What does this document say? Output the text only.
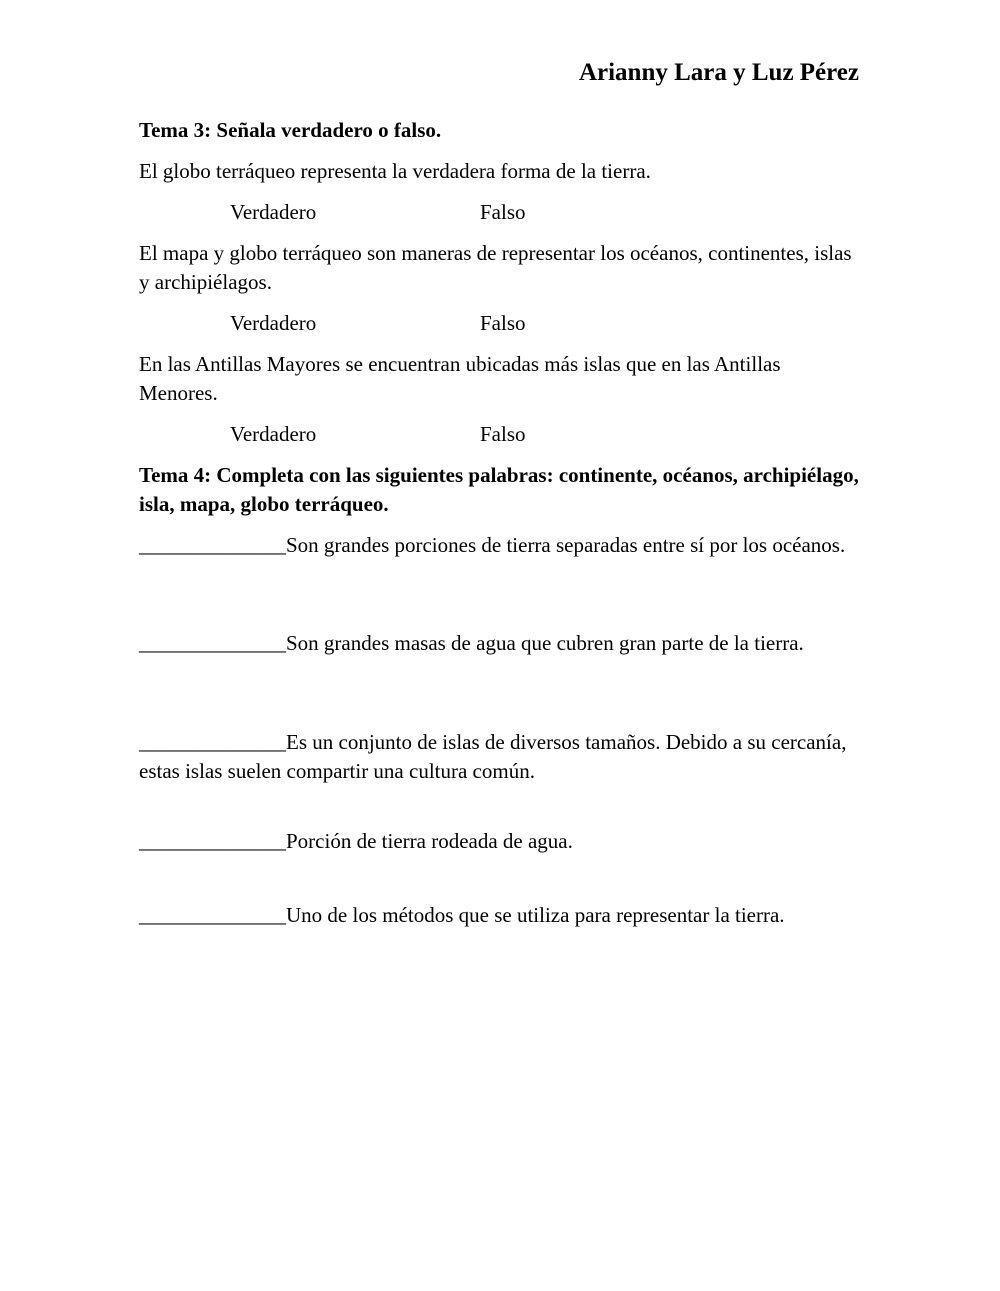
Arianny Lara y Luz Pérez
Tema 3: Señala verdadero o falso.
El globo terráqueo representa la verdadera forma de la tierra.
Verdadero	Falso
El mapa y globo terráqueo son maneras de representar los océanos, continentes, islas y archipiélagos.
Verdadero	Falso
En las Antillas Mayores se encuentran ubicadas más islas que en las Antillas Menores.
Verdadero	Falso
Tema 4: Completa con las siguientes palabras: continente, océanos, archipiélago, isla, mapa, globo terráqueo.
______________Son grandes porciones de tierra separadas entre sí por los océanos.
______________Son grandes masas de agua que cubren gran parte de la tierra.
______________Es un conjunto de islas de diversos tamaños. Debido a su cercanía, estas islas suelen compartir una cultura común.
______________Porción de tierra rodeada de agua.
______________Uno de los métodos que se utiliza para representar la tierra.
